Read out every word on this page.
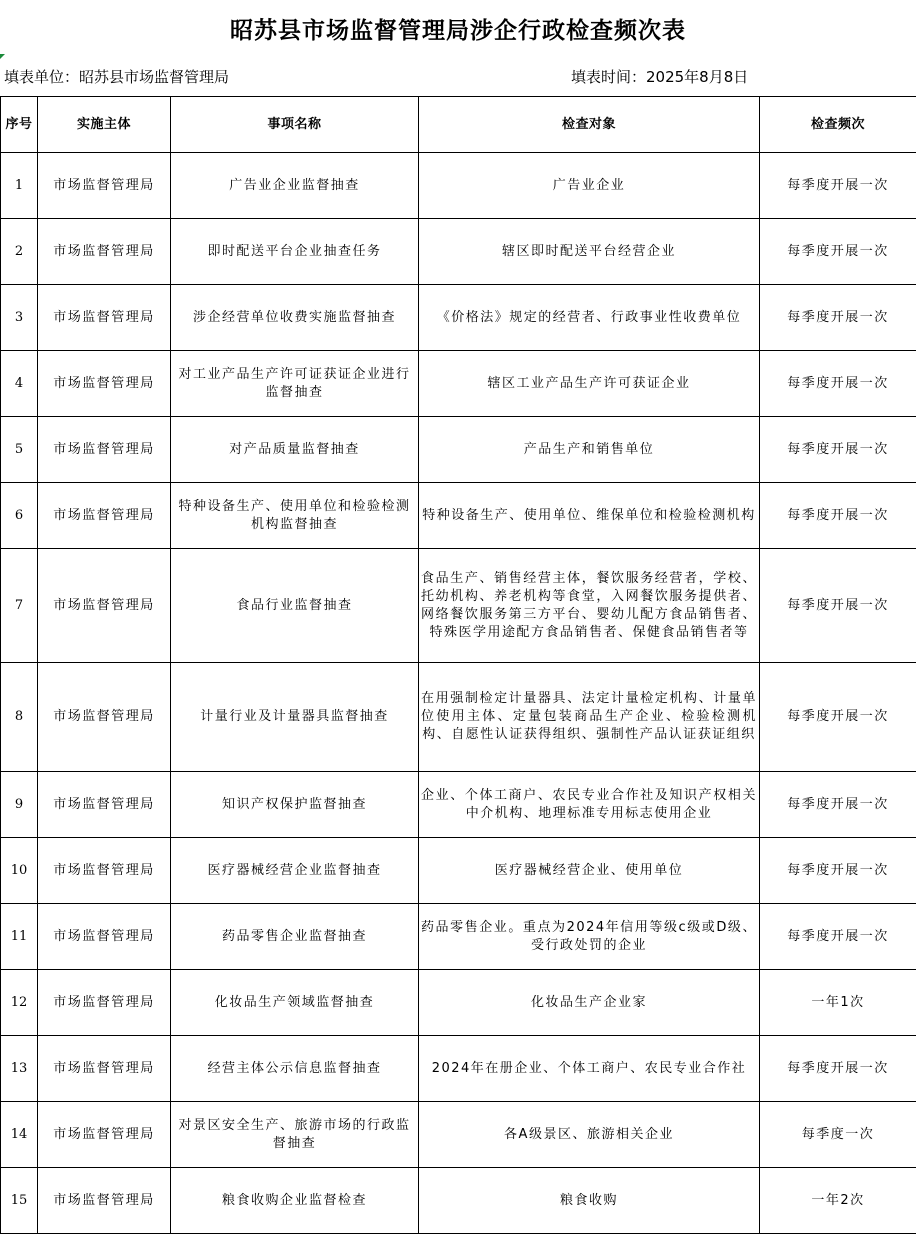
昭苏县市场监督管理局涉企行政检查频次表
填表单位：昭苏县市场监督管理局	填表时间：2025年8月8日
序号	实施主体	事项名称	检查对象	检查频次
1	市场监督管理局	广告业企业监督抽查	广告业企业	每季度开展一次
2	市场监督管理局	即时配送平台企业抽查任务	辖区即时配送平台经营企业	每季度开展一次
3	市场监督管理局	涉企经营单位收费实施监督抽查	《价格法》规定的经营者、行政事业性收费单位	每季度开展一次
4	市场监督管理局	对工业产品生产许可证获证企业进行监督抽查	辖区工业产品生产许可获证企业	每季度开展一次
5	市场监督管理局	对产品质量监督抽查	产品生产和销售单位	每季度开展一次
6	市场监督管理局	特种设备生产、使用单位和检验检测机构监督抽查	特种设备生产、使用单位、维保单位和检验检测机构	每季度开展一次
7	市场监督管理局	食品行业监督抽查	食品生产、销售经营主体，餐饮服务经营者，学校、托幼机构、养老机构等食堂，入网餐饮服务提供者、网络餐饮服务第三方平台、婴幼儿配方食品销售者、特殊医学用途配方食品销售者、保健食品销售者等	每季度开展一次
8	市场监督管理局	计量行业及计量器具监督抽查	在用强制检定计量器具、法定计量检定机构、计量单位使用主体、定量包装商品生产企业、检验检测机构、自愿性认证获得组织、强制性产品认证获证组织	每季度开展一次
9	市场监督管理局	知识产权保护监督抽查	企业、个体工商户、农民专业合作社及知识产权相关中介机构、地理标准专用标志使用企业	每季度开展一次
10	市场监督管理局	医疗器械经营企业监督抽查	医疗器械经营企业、使用单位	每季度开展一次
11	市场监督管理局	药品零售企业监督抽查	药品零售企业。重点为2024年信用等级c级或D级、受行政处罚的企业	每季度开展一次
12	市场监督管理局	化妆品生产领域监督抽查	化妆品生产企业家	一年1次
13	市场监督管理局	经营主体公示信息监督抽查	2024年在册企业、个体工商户、农民专业合作社	每季度开展一次
14	市场监督管理局	对景区安全生产、旅游市场的行政监督抽查	各A级景区、旅游相关企业	每季度一次
15	市场监督管理局	粮食收购企业监督检查	粮食收购	一年2次
